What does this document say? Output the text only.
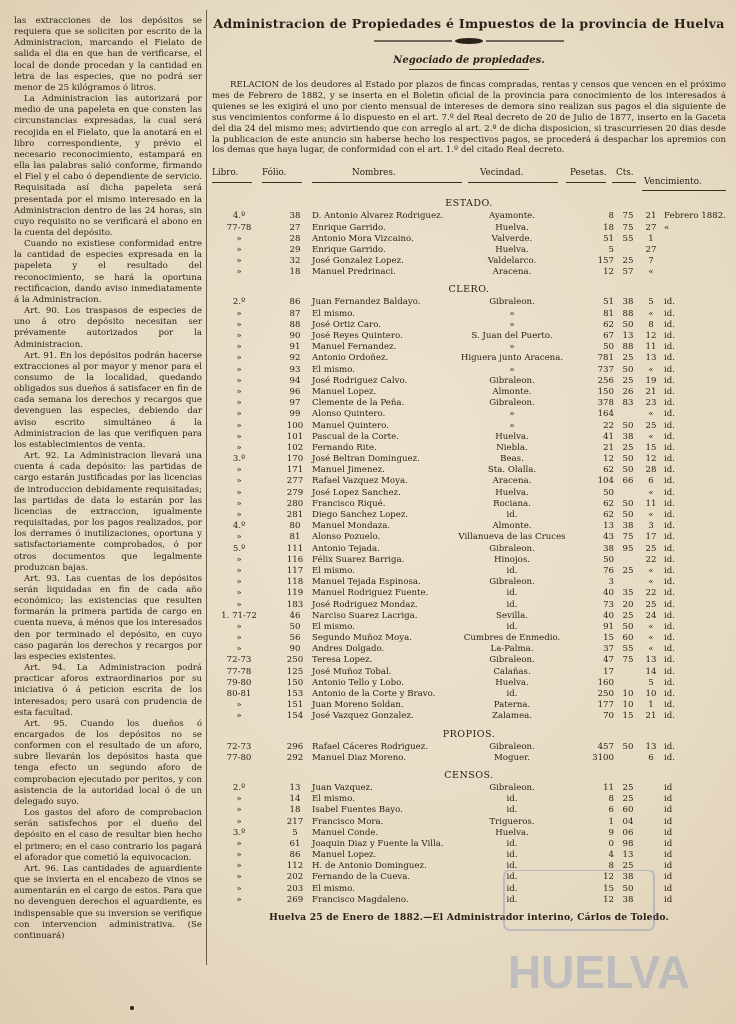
las extracciones de los depósitos se requiera que se soliciten por escrito de la Administracion, marcando el Fielato de salida el dia en que han de verificarse, el local de donde procedan y la cantidad en letra de las especies, que no podrá ser menor de 25 kilógramos ó litros.

La Administracion las autorizará por medio de una papeleta en que consten las circunstancias expresadas, la cual será recojida en el Fielato, que la anotará en el libro correspondiente, y prévio el necesario reconocimiento, estampará en ella las palabras salió conforme, firmando el Fiel y el cabo ó dependiente de servicio. Requisitada así dicha papeleta será presentada por el mismo interesado en la Administracion dentro de las 24 horas, sin cuyo requisito no se verificará el abono en la cuenta del depósito.

Cuando no existiese conformidad entre la cantidad de especies expresada en la papeleta y el resultado del reconocimiento, se hará la oportuna rectificacion, dando aviso inmediatamente á la Administracion.

Art. 90. Los traspasos de especies de uno á otro depósito necesitan ser prévamente autorizados por la Administracion.

Art. 91. En los depósitos podrán hacerse extracciones al por mayor y menor para el consumo de la localidad, quedando obligados sus dueños á satisfacer en fin de cada semana los derechos y recargos que devenguen las especies, debiendo dar aviso escrito simultáneo á la Administracion de las que verifiquen para los establecimientos de venta.

Art. 92. La Administracion llevará una cuenta á cada depósito: las partidas de cargo estarán justificadas por las licencias de introduccion debidamente requisitadas; las partidas de data lo estarán por las licencias de extraccion, igualmente requisitadas, por los pagos realizados, por los derrames ó inutilizaciones, oportuna y satisfactoriamente comprobados, ó por otros documentos que legalmente produzcan bajas.

Art. 93. Las cuentas de los depósitos serán liquidadas en fin de cada año económico; las existencias que resulten formarán la primera partida de cargo en cuenta nueva, á ménos que los interesados den por terminado el depósito, en cuyo caso pagarán los derechos y recargos por las especies existentes.

Art. 94. La Administracion podrá practicar aforos extraordinarios por su iniciativa ó á peticion escrita de los interesados; pero usará con prudencia de esta facultad.

Art. 95. Cuando los dueños ó encargados de los depósitos no se conformen con el resultado de un aforo, subre llevarán los depósitos hasta que tenga efecto un segundo aforo de comprobacion ejecutado por peritos, y con asistencia de la autoridad local ó de un delegado suyo.

Los gastos del aforo de comprobacion serán satisfechos por el dueño del depósito en el caso de resultar bien hecho el primero; en el caso contrario los pagará el aforador que cometió la equivocacion.

Art. 96. Las cantidades de aguardiente que se invierta en el encabezo de vinos se aumentarán en el cargo de estos. Para que no devenguen derechos el aguardiente, es indispensable que su inversion se verifique con intervencion administrativa. (Se continuará)

Administracion de Propiedades é Impuestos de la provincia de Huelva
Negociado de propiedades.
RELACION de los deudores al Estado por plazos de fincas compradas, rentas y censos que vencen en el próximo mes de Febrero de 1882, y se inserta en el Boletin oficial de la provincia para conocimiento de los interesados á quienes se les exigirá el uno por ciento mensual de intereses de demora sino realizan sus pagos el dia siguiente de sus vencimientos conforme á lo dispuesto en el art. 7.º del Real decreto de 20 de Julio de 1877, inserto en la Gaceta del dia 24 del mismo mes; advirtiendo que con arreglo al art. 2.º de dicha disposicion, si trascurriesen 20 dias desde la publicacion de este anuncio sin haberse hecho los respectivos pagos, se procederá á despachar los apremios con los demas que haya lugar, de conformidad con el art. 1.º del citado Real decreto.
Libro.	Fólio.	Nombres.	Vecindad.	Pesetas. Cts.
Vencimiento.
ESTADO.
4.º	38	D. Antonio Alvarez Rodriguez.	Ayamonte.	8 75	21 Febrero 1882.
77-78	27	Enrique Garrido.	Huelva.	18 75	27 «
»	28	Antonio Mora Vizcaino.	Valverde.	51 55	1
»	29	Enrique Garrido.	Huelva.	5	27
»	32	José Gonzalez Lopez.	Valdelarco.	157 25	7
»	18	Manuel Predrinaci.	Aracena.	12 57	«
CLERO.
2.º	86	Juan Fernandez Baldayo.	Gibraleon.	51 38	5	id.
»	87	El mismo.	»	81 88	«	id.
»	88	José Ortiz Caro.	»	62 50	8	id.
»	90	José Reyes Quintero.	S. Juan del Puerto.	67 13	12 id.
»	91	Manuel Fernandez.	»	50 88	11 id.
»	92	Antonio Ordoñez.	Higuera junto Aracena.	781 25	13 id.
»	93	El mismo.	»	737 50	«	id.
»	94	José Rodriguez Calvo.	Gibraleon.	256 25	19 id.
»	96	Manuel Lopez.	Almonte.	150 26	21 id.
»	97	Clemente de la Peña.	Gibraleon.	378 83	23 id.
»	99	Alonso Quintero.	»	164	«	id.
»	100	Manuel Quintero.	»	22 50	25 id.
»	101	Pascual de la Corte.	Huelva.	41 38	«	id.
»	102	Fernando Rite.	Niebla.	21 25	15 id.
3.º	170	José Beltran Dominguez.	Beas.	12 50	12 id.
»	171	Manuel Jimenez.	Sta. Olalla.	62 50	28 id.
»	277	Rafael Vazquez Moya.	Aracena.	104 66	6	id.
»	279	José Lopez Sanchez.	Huelva.	50	«	id.
»	280	Francisco Riqué.	Rociana.	62 50	11 id.
»	281	Diego Sanchez Lopez.	id.	62 50	«	id.
4.º	80	Manuel Mondaza.	Almonte.	13 38	3	id.
»	81	Alonso Pozuelo.	Villanueva de las Cruces	43 75	17 id.
5.º	111	Antonio Tejada.	Gibraleon.	38 95	25 id.
»	116	Félix Suarez Barriga.	Hinojos.	50	22 id.
»	117	El mismo.	id.	76 25	«	id.
»	118	Manuel Tejada Espinosa.	Gibraleon.	3	«	id.
»	119	Manuel Rodriguez Fuente.	id.	40 35	22 id.
»	183	José Rodriguez Mondaz.	id.	73 20	25 id.
1. 71-72	46	Narciso Suarez Lacriga.	Sevilla.	40 25	24 id.
»	50	El mismo.	id.	91 50	«	id.
»	56	Segundo Muñoz Moya.	Cumbres de Enmedio.	15 60	«	id.
»	90	Andres Dolgado.	La-Palma.	37 55	«	id.
72-73	250	Teresa Lopez.	Gibraleon.	47 75	13 id.
77-78	125	José Muñoz Tobal.	Calañas.	17	14 id.
79-80	150	Antonio Tello y Lobo.	Huelva.	160	5	id.
80-81	153	Antonio de la Corte y Bravo.	id.	250 10	10 id.
»	151	Juan Moreno Soldan.	Paterna.	177 10	1	id.
»	154	José Vazquez Gonzalez.	Zalamea.	70 15	21 id.
PROPIOS.
72-73	296	Rafael Cáceres Rodriguez.	Gibraleon.	457 50	13 id.
77-80	292	Manuel Diaz Moreno.	Moguer.	3100	6	id.
CENSOS.
2.º	13	Juan Vazquez.	Gibraleon.	11 25	id
»	14	El mismo.	id.	8 25	id
»	18	Isabel Fuentes Bayo.	id.	6 60	id
»	217	Francisco Mora.	Trigueros.	1 04	id
3.º	5	Manuel Conde.	Huelva.	9 06	id
»	61	Joaquin Diaz y Fuente la Villa.	id.	0 98	id
»	86	Manuel Lopez.	id.	4 13	id
»	112	H. de Antonio Dominguez.	id.	8 25	id
»	202	Fernando de la Cueva.	id.	12 38	id
»	203	El mismo.	id.	15 50	id
»	269	Francisco Magdaleno.	id.	12 38	id
Huelva 25 de Enero de 1882.—El Administrador interino, Cárlos de Toledo.
HUELVA
